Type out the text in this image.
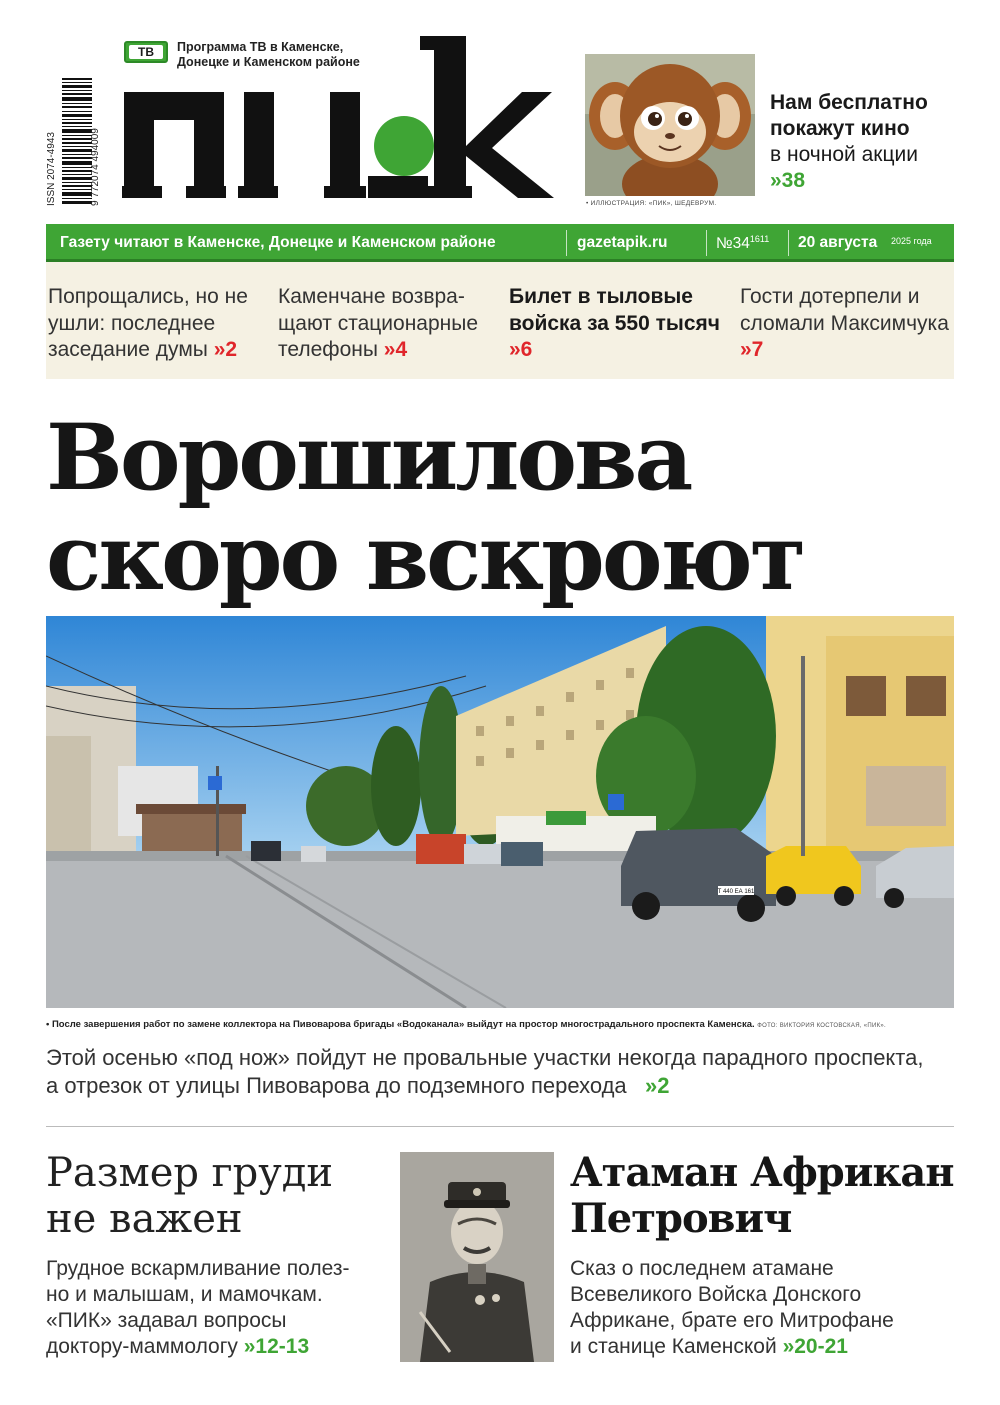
ISSN 2074-4943	9 772074 494009
ТВ	Программа ТВ в Каменске,
Донецке и Каменском районе
• ИЛЛЮСТРАЦИЯ: «ПИК», ШЕДЕВРУМ.
Нам бесплатно
покажут кино
в ночной акции
»38
Газету читают в Каменске, Донецке и Каменском районе	gazetapik.ru	$№34^{1611}$ 20 августа 2025 года
Попрощались, но не ушли: последнее заседание думы »2
Каменчане возвра-щают стационарные телефоны »4
Билет в тыловые войска за 550 тысяч »6
Гости дотерпели и сломали Максимчука »7
Ворошилова
скоро вскроют
Т 440 ЕА 161
• После завершения работ по замене коллектора на Пивоварова бригады «Водоканала» выйдут на простор многострадального проспекта Каменска. ФОТО: ВИКТОРИЯ КОСТОВСКАЯ, «ПИК».
Этой осенью «под нож» пойдут не провальные участки некогда парадного проспекта,
а отрезок от улицы Пивоварова до подземного перехода »2
Размер груди
не важен
Грудное вскармливание полез-
но и малышам, и мамочкам.
«ПИК» задавал вопросы
доктору-маммологу »12-13
Атаман Африкан
Петрович
Сказ о последнем атамане
Всевеликого Войска Донского
Африкане, брате его Митрофане
и станице Каменской »20-21
